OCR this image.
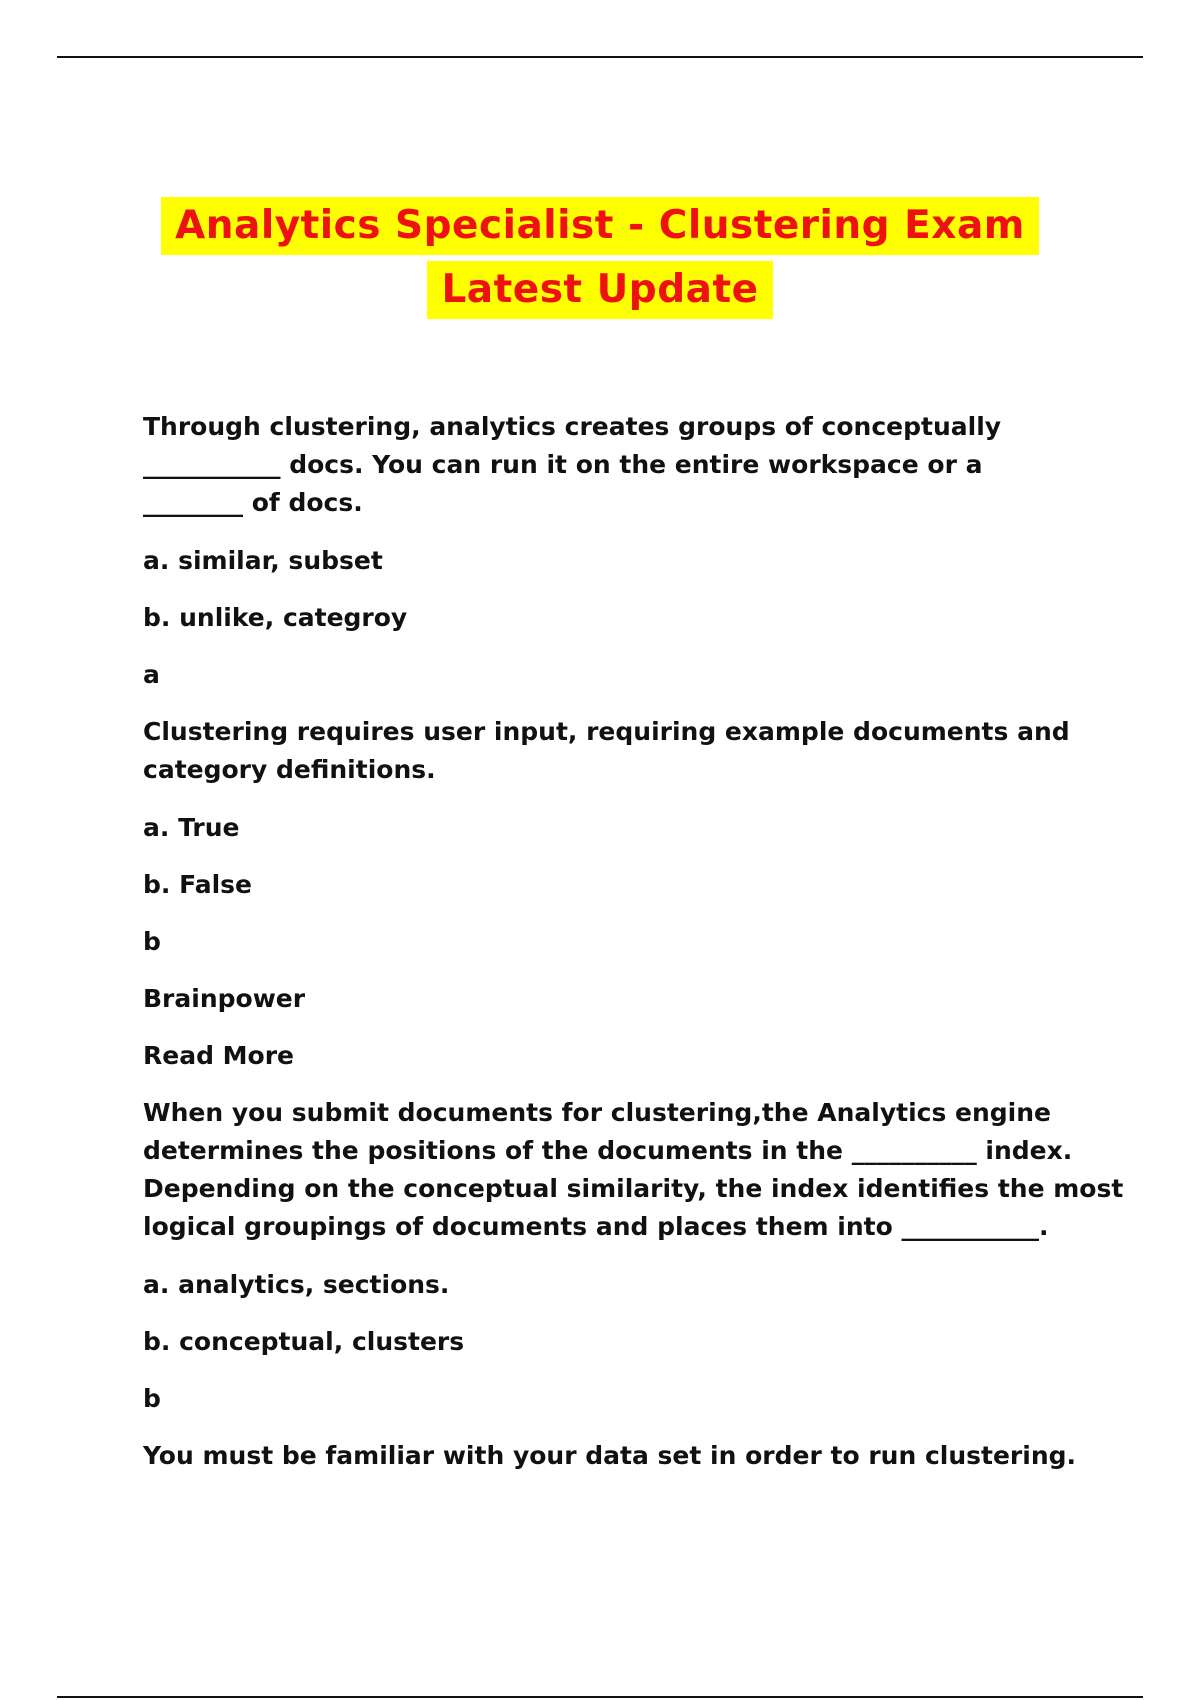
Analytics Specialist - Clustering Exam
Latest Update
Through clustering, analytics creates groups of conceptually
___________ docs. You can run it on the entire workspace or a
________ of docs.
a. similar, subset
b. unlike, categroy
a
Clustering requires user input, requiring example documents and
category definitions.
a. True
b. False
b
Brainpower
Read More
When you submit documents for clustering,the Analytics engine
determines the positions of the documents in the __________ index.
Depending on the conceptual similarity, the index identifies the most
logical groupings of documents and places them into ___________.
a. analytics, sections.
b. conceptual, clusters
b
You must be familiar with your data set in order to run clustering.
